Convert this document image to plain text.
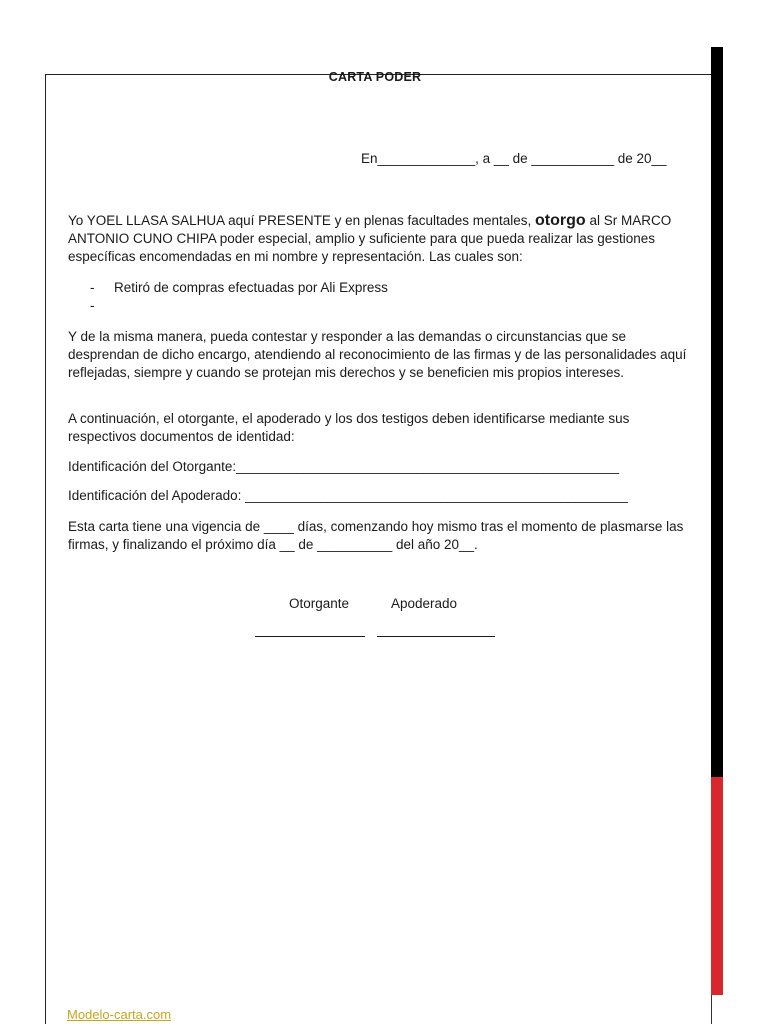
CARTA PODER
En_____________, a __ de ___________ de 20__
Yo YOEL LLASA SALHUA aquí PRESENTE y en plenas facultades mentales, otorgo al Sr MARCO ANTONIO CUNO CHIPA poder especial, amplio y suficiente para que pueda realizar las gestiones específicas encomendadas en mi nombre y representación. Las cuales son:
-	Retiró de compras efectuadas por Ali Express
-
Y de la misma manera, pueda contestar y responder a las demandas o circunstancias que se desprendan de dicho encargo, atendiendo al reconocimiento de las firmas y de las personalidades aquí reflejadas, siempre y cuando se protejan mis derechos y se beneficien mis propios intereses.
A continuación, el otorgante, el apoderado y los dos testigos deben identificarse mediante sus respectivos documentos de identidad:
Identificación del Otorgante:___________________________________________________
Identificación del Apoderado: ___________________________________________________
Esta carta tiene una vigencia de ____ días, comenzando hoy mismo tras el momento de plasmarse las firmas, y finalizando el próximo día __ de __________ del año 20__.
Otorgante	Apoderado
Modelo-carta.com
